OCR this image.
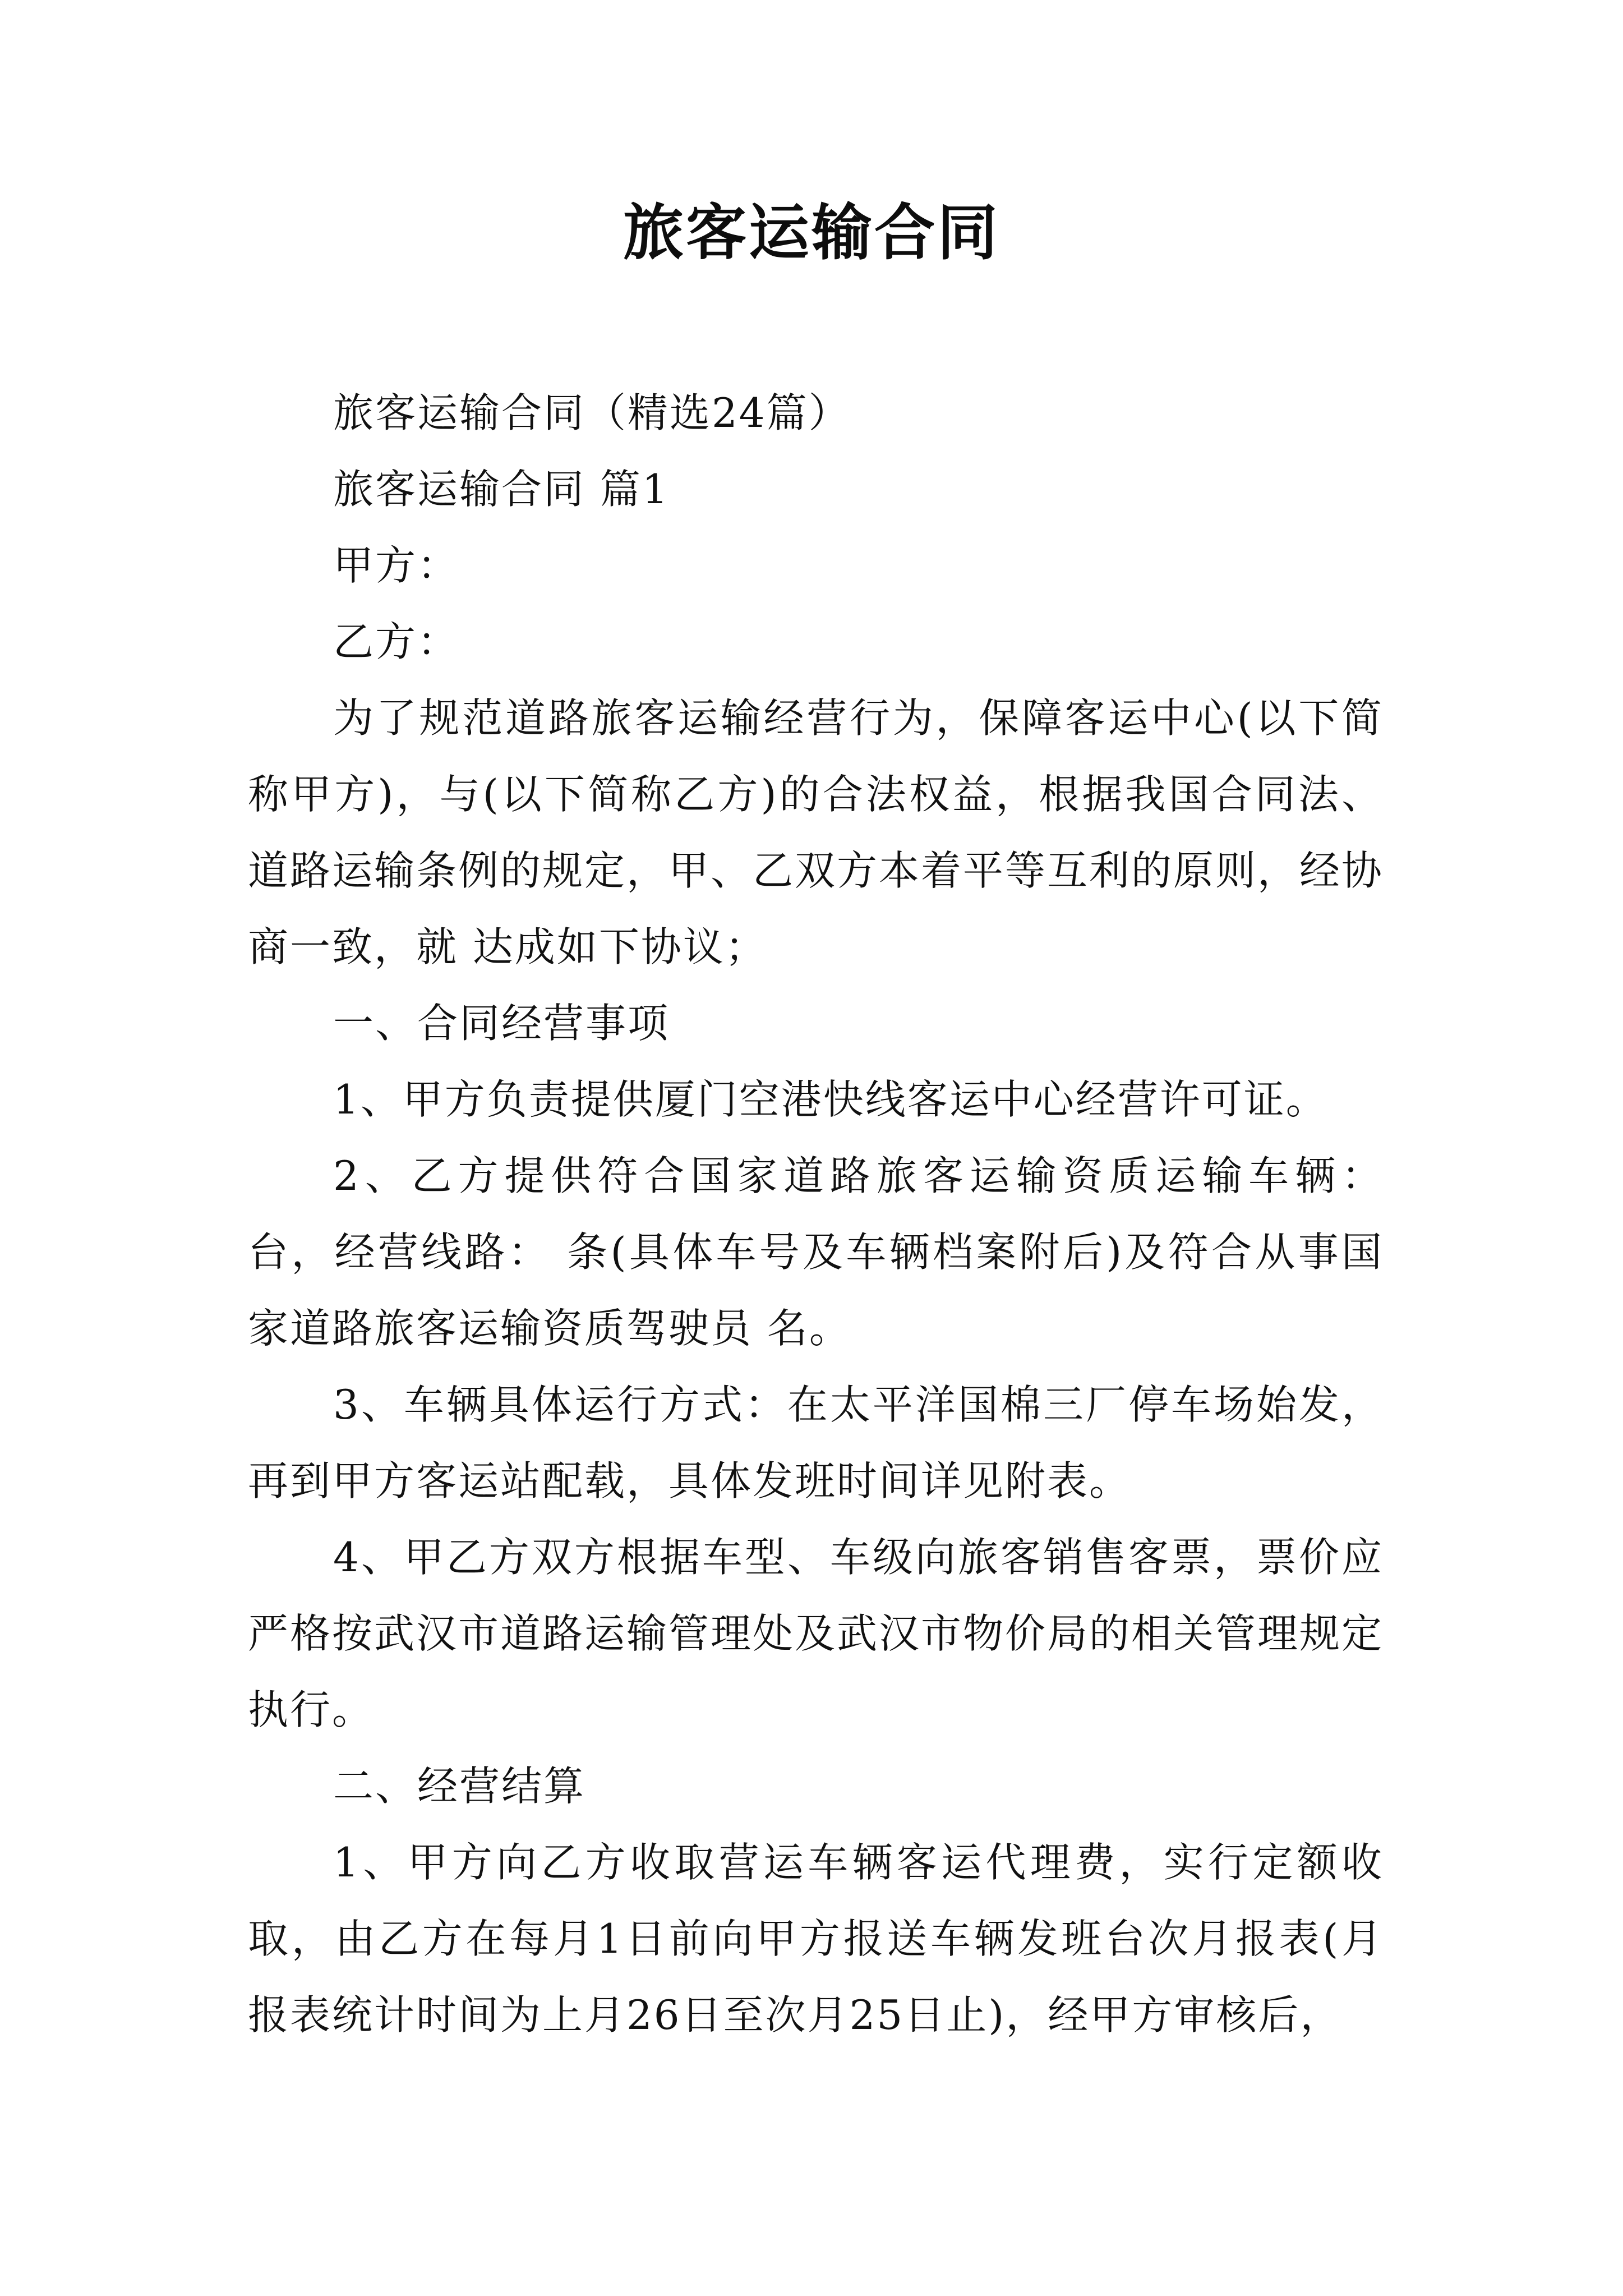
旅客运输合同

旅客运输合同（精选24篇）

旅客运输合同 篇1

甲方：

乙方：

为了规范道路旅客运输经营行为，保障客运中心(以下简称甲方)，与(以下简称乙方)的合法权益，根据我国合同法、道路运输条例的规定，甲、乙双方本着平等互利的原则，经协商一致，就 达成如下协议；

一、合同经营事项

1、甲方负责提供厦门空港快线客运中心经营许可证。

2、乙方提供符合国家道路旅客运输资质运输车辆： 台，经营线路： 条(具体车号及车辆档案附后)及符合从事国家道路旅客运输资质驾驶员 名。

3、车辆具体运行方式：在太平洋国棉三厂停车场始发，再到甲方客运站配载，具体发班时间详见附表。

4、甲乙方双方根据车型、车级向旅客销售客票，票价应严格按武汉市道路运输管理处及武汉市物价局的相关管理规定执行。

二、经营结算

1、甲方向乙方收取营运车辆客运代理费，实行定额收取，由乙方在每月1日前向甲方报送车辆发班台次月报表(月报表统计时间为上月26日至次月25日止)，经甲方审核后，
